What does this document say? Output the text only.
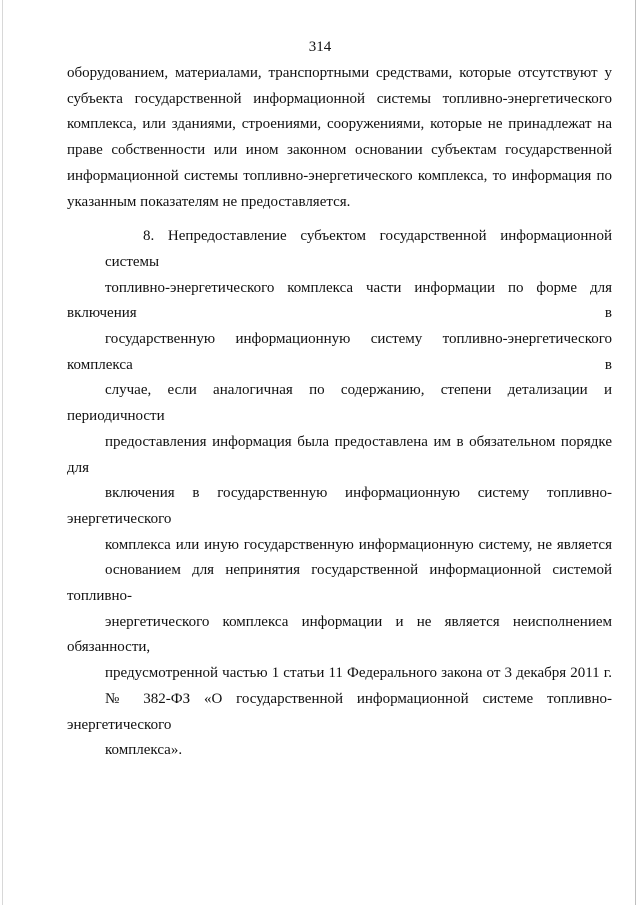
314

оборудованием, материалами, транспортными средствами, которые отсутствуют у
субъекта государственной информационной системы топливно-энергетического
комплекса, или зданиями, строениями, сооружениями, которые не принадлежат на
праве собственности или ином законном основании субъектам государственной
информационной системы топливно-энергетического комплекса, то информация по
указанным показателям не предоставляется.

8. Непредоставление субъектом государственной информационной системы
топливно-энергетического комплекса части информации по форме для включения в
государственную информационную систему топливно-энергетического комплекса в
случае, если аналогичная по содержанию, степени детализации и периодичности
предоставления информация была предоставлена им в обязательном порядке для
включения в государственную информационную систему топливно-энергетического
комплекса или иную государственную информационную систему, не является
основанием для непринятия государственной информационной системой топливно-
энергетического комплекса информации и не является неисполнением обязанности,
предусмотренной частью 1 статьи 11 Федерального закона от 3 декабря 2011 г.
№ 382-ФЗ «О государственной информационной системе топливно-энергетического
комплекса».
